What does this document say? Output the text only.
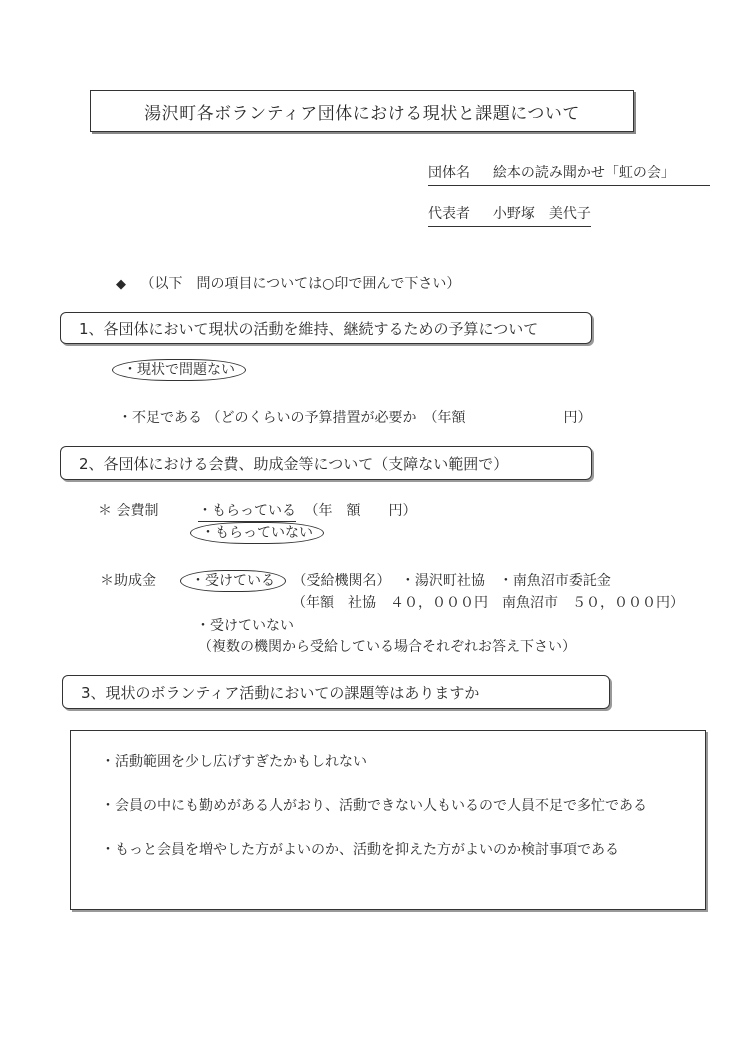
湯沢町各ボランティア団体における現状と課題について
団体名 絵本の読み聞かせ「虹の会」
代表者 小野塚　美代子
◆ （以下　問の項目については○印で囲んで下さい）
1、各団体において現状の活動を維持、継続するための予算について
・現状で問題ない
・不足である （どのくらいの予算措置が必要か　（年額　　　　　　　円）
2、各団体における会費、助成金等について（支障ない範囲で）
＊ 会費制	・もらっている （年　額　　円）
・もらっていない
＊助成金	・受けている （受給機関名） ・湯沢町社協　・南魚沼市委託金
（年額　社協　４０，０００円　南魚沼市　５０，０００円）
・受けていない
（複数の機関から受給している場合それぞれお答え下さい）
3、現状のボランティア活動においての課題等はありますか
・活動範囲を少し広げすぎたかもしれない
・会員の中にも勤めがある人がおり、活動できない人もいるので人員不足で多忙である
・もっと会員を増やした方がよいのか、活動を抑えた方がよいのか検討事項である
